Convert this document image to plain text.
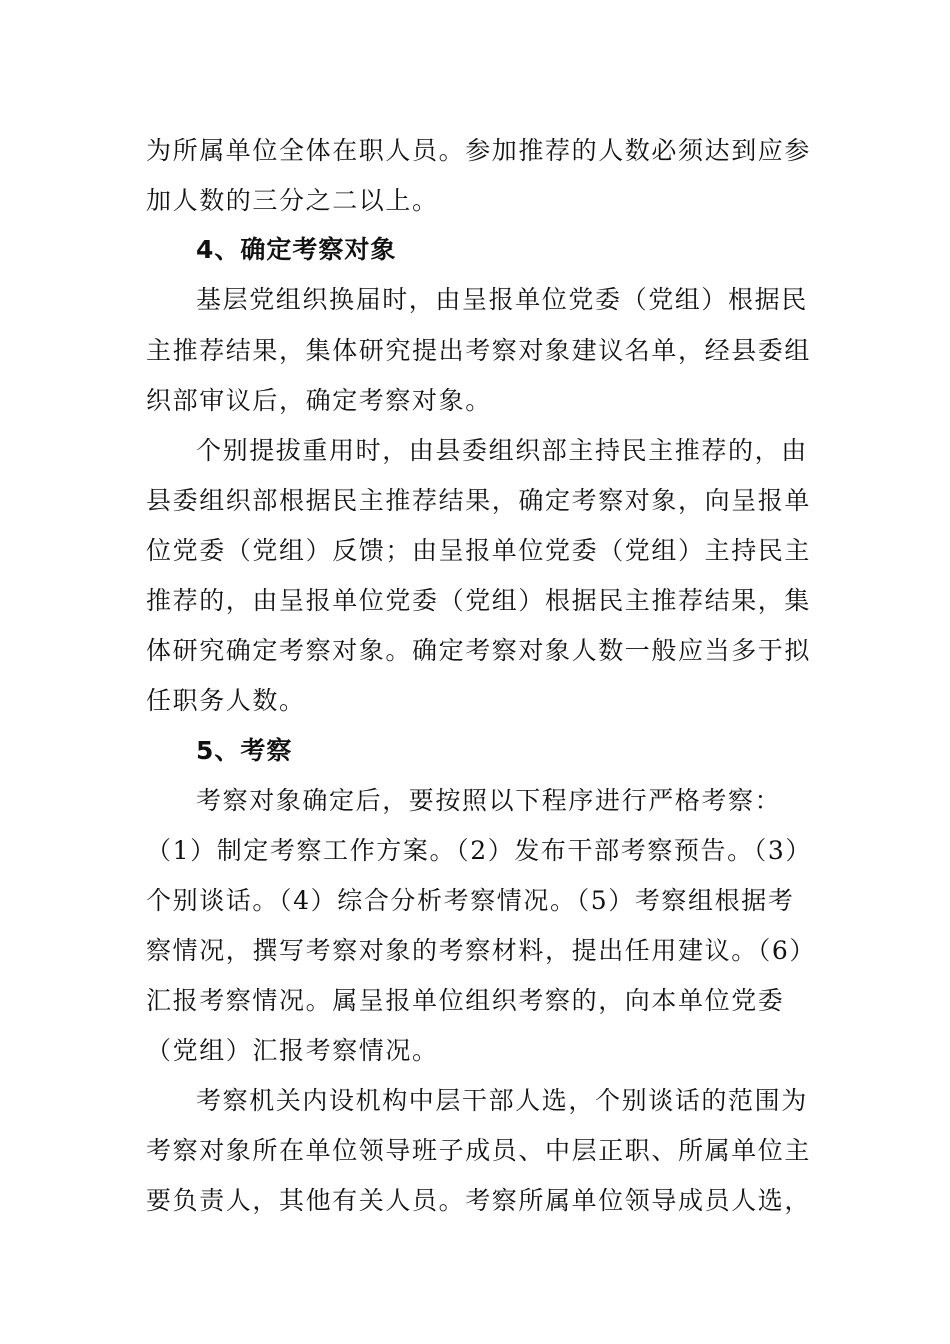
为所属单位全体在职人员。参加推荐的人数必须达到应参
加人数的三分之二以上。
4、确定考察对象
基层党组织换届时，由呈报单位党委（党组）根据民
主推荐结果，集体研究提出考察对象建议名单，经县委组
织部审议后，确定考察对象。
个别提拔重用时，由县委组织部主持民主推荐的，由
县委组织部根据民主推荐结果，确定考察对象，向呈报单
位党委（党组）反馈；由呈报单位党委（党组）主持民主
推荐的，由呈报单位党委（党组）根据民主推荐结果，集
体研究确定考察对象。确定考察对象人数一般应当多于拟
任职务人数。
5、考察
考察对象确定后，要按照以下程序进行严格考察：
（1）制定考察工作方案。（2）发布干部考察预告。（3）
个别谈话。（4）综合分析考察情况。（5）考察组根据考
察情况，撰写考察对象的考察材料，提出任用建议。（6）
汇报考察情况。属呈报单位组织考察的，向本单位党委
（党组）汇报考察情况。
考察机关内设机构中层干部人选，个别谈话的范围为
考察对象所在单位领导班子成员、中层正职、所属单位主
要负责人，其他有关人员。考察所属单位领导成员人选，
